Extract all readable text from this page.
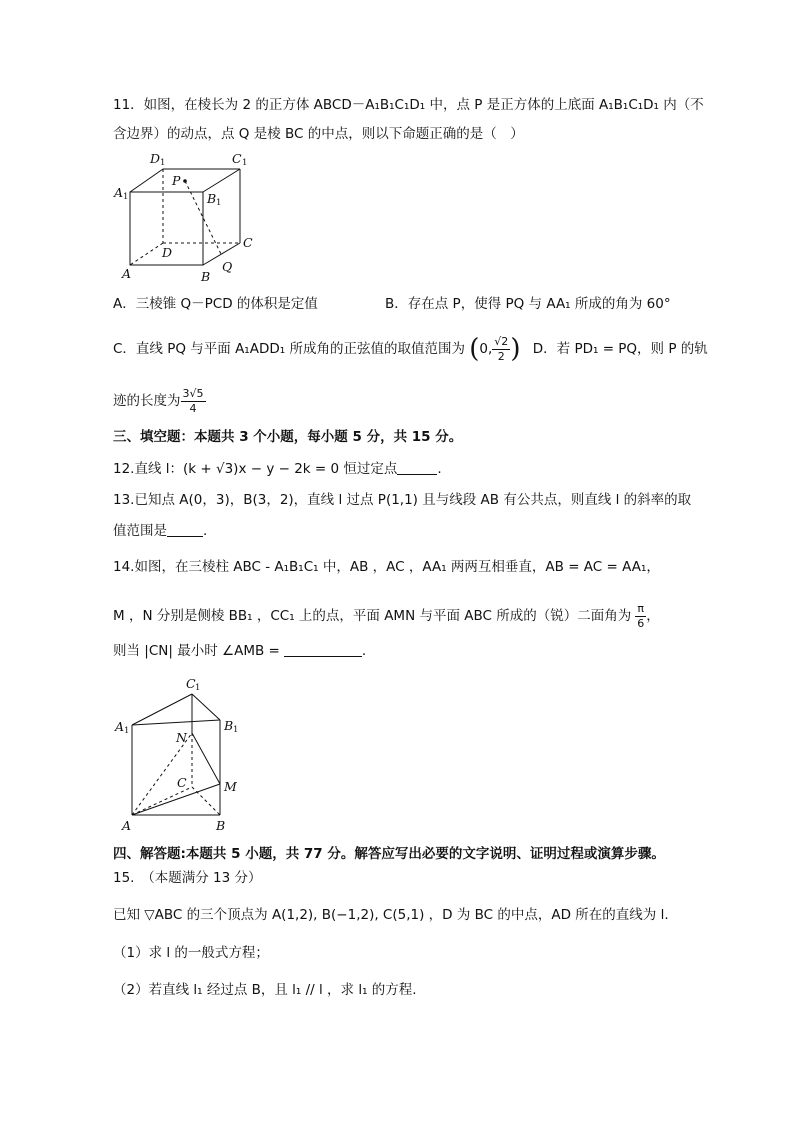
11．如图，在棱长为 2 的正方体 ABCD－A₁B₁C₁D₁ 中，点 P 是正方体的上底面 A₁B₁C₁D₁ 内（不
含边界）的动点，点 Q 是棱 BC 的中点，则以下命题正确的是（　）
D 1	C 1
A 1	B 1
P
D
C
A	B
Q
A．三棱锥 Q－PCD 的体积是定值	B．存在点 P，使得 PQ 与 AA₁ 所成的角为 60°
C．直线 PQ 与平面 A₁ADD₁ 所成角的正弦值的取值范围为 (0, $\frac{√2}{2}$ ) D．若 PD₁ = PQ，则 P 的轨
迹的长度为 $\frac{3√5}{4}$
三、填空题：本题共 3 个小题，每小题 5 分，共 15 分。
12.直线 l：(k + √3)x − y − 2k = 0 恒过定点	.
13.已知点 A(0，3)，B(3，2)，直线 l 过点 P(1,1) 且与线段 AB 有公共点，则直线 l 的斜率的取
值范围是	.
14.如图，在三棱柱 ABC - A₁B₁C₁ 中，AB ，AC ，AA₁ 两两互相垂直，AB = AC = AA₁，
M ，N 分别是侧棱 BB₁ ，CC₁ 上的点，平面 AMN 与平面 ABC 所成的（锐）二面角为 $\frac{\pi}{6}$ ，
则当 |CN| 最小时 ∠AMB =	.
C 1
A 1	B 1
N
C	M
A	B
四、解答题:本题共 5 小题，共 77 分。解答应写出必要的文字说明、证明过程或演算步骤。
15.　（本题满分 13 分）
已知 ▽ABC 的三个顶点为 A(1,2), B(−1,2), C(5,1) ，D 为 BC 的中点，AD 所在的直线为 l.
（1）求 l 的一般式方程；
（2）若直线 l₁ 经过点 B，且 l₁ // l ，求 l₁ 的方程.
